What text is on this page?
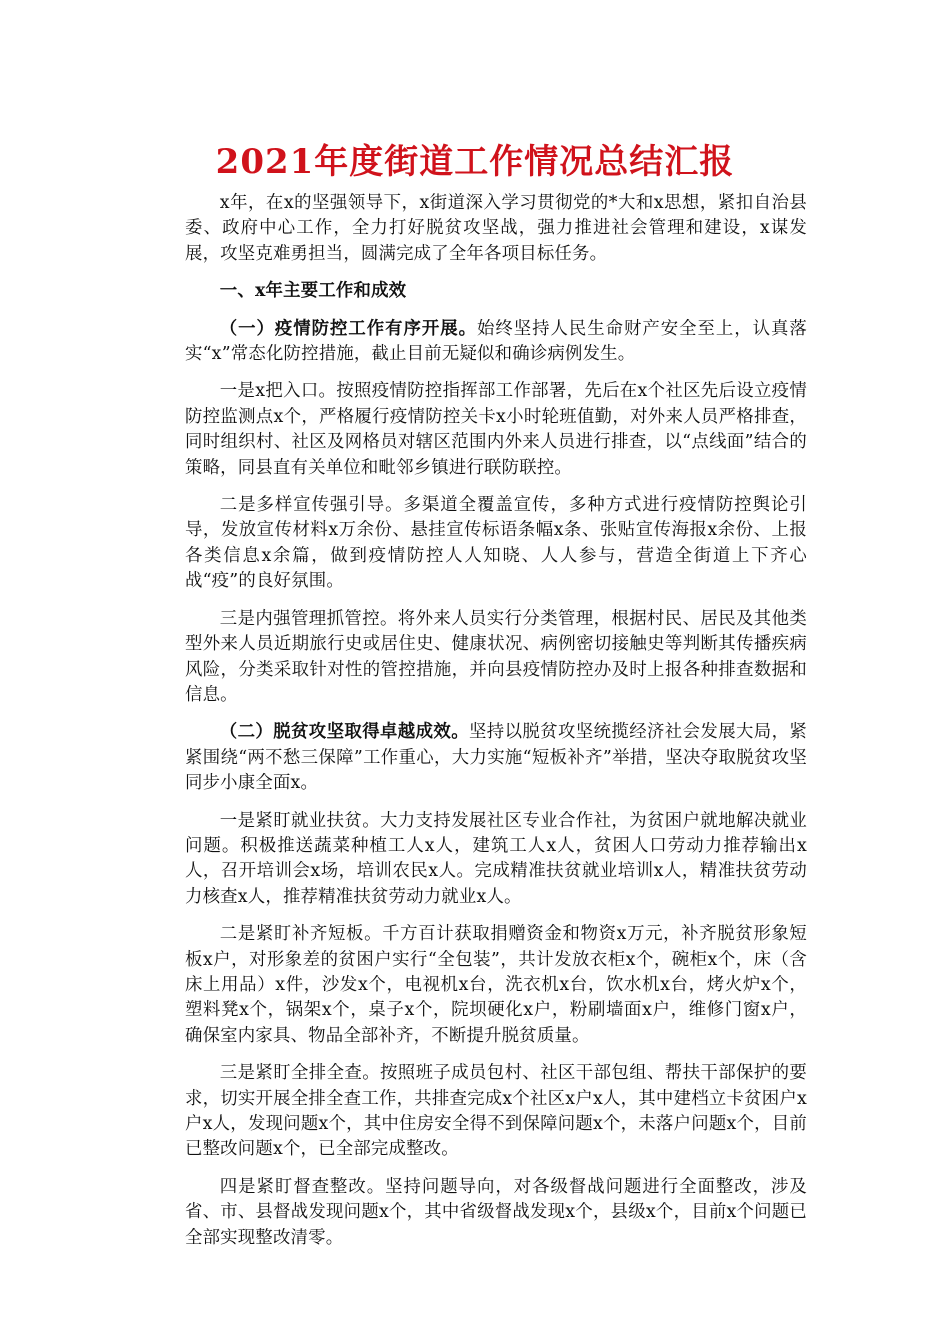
2021年度街道工作情况总结汇报

x年，在x的坚强领导下，x街道深入学习贯彻党的*大和x思想，紧扣自治县委、政府中心工作，全力打好脱贫攻坚战，强力推进社会管理和建设，x谋发展，攻坚克难勇担当，圆满完成了全年各项目标任务。

一、x年主要工作和成效

（一）疫情防控工作有序开展。始终坚持人民生命财产安全至上，认真落实“x”常态化防控措施，截止目前无疑似和确诊病例发生。

一是x把入口。按照疫情防控指挥部工作部署，先后在x个社区先后设立疫情防控监测点x个，严格履行疫情防控关卡x小时轮班值勤，对外来人员严格排查，同时组织村、社区及网格员对辖区范围内外来人员进行排查，以“点线面”结合的策略，同县直有关单位和毗邻乡镇进行联防联控。

二是多样宣传强引导。多渠道全覆盖宣传，多种方式进行疫情防控舆论引导，发放宣传材料x万余份、悬挂宣传标语条幅x条、张贴宣传海报x余份、上报各类信息x余篇，做到疫情防控人人知晓、人人参与，营造全街道上下齐心战“疫”的良好氛围。

三是内强管理抓管控。将外来人员实行分类管理，根据村民、居民及其他类型外来人员近期旅行史或居住史、健康状况、病例密切接触史等判断其传播疾病风险，分类采取针对性的管控措施，并向县疫情防控办及时上报各种排查数据和信息。

（二）脱贫攻坚取得卓越成效。坚持以脱贫攻坚统揽经济社会发展大局，紧紧围绕“两不愁三保障”工作重心，大力实施“短板补齐”举措，坚决夺取脱贫攻坚同步小康全面x。

一是紧盯就业扶贫。大力支持发展社区专业合作社，为贫困户就地解决就业问题。积极推送蔬菜种植工人x人，建筑工人x人，贫困人口劳动力推荐输出x人，召开培训会x场，培训农民x人。完成精准扶贫就业培训x人，精准扶贫劳动力核查x人，推荐精准扶贫劳动力就业x人。

二是紧盯补齐短板。千方百计获取捐赠资金和物资x万元，补齐脱贫形象短板x户，对形象差的贫困户实行“全包装”，共计发放衣柜x个，碗柜x个，床（含床上用品）x件，沙发x个，电视机x台，洗衣机x台，饮水机x台，烤火炉x个，塑料凳x个，锅架x个，桌子x个，院坝硬化x户，粉刷墙面x户，维修门窗x户，确保室内家具、物品全部补齐，不断提升脱贫质量。

三是紧盯全排全查。按照班子成员包村、社区干部包组、帮扶干部保护的要求，切实开展全排全查工作，共排查完成x个社区x户x人，其中建档立卡贫困户x户x人，发现问题x个，其中住房安全得不到保障问题x个，未落户问题x个，目前已整改问题x个，已全部完成整改。

四是紧盯督查整改。坚持问题导向，对各级督战问题进行全面整改，涉及省、市、县督战发现问题x个，其中省级督战发现x个，县级x个，目前x个问题已全部实现整改清零。
